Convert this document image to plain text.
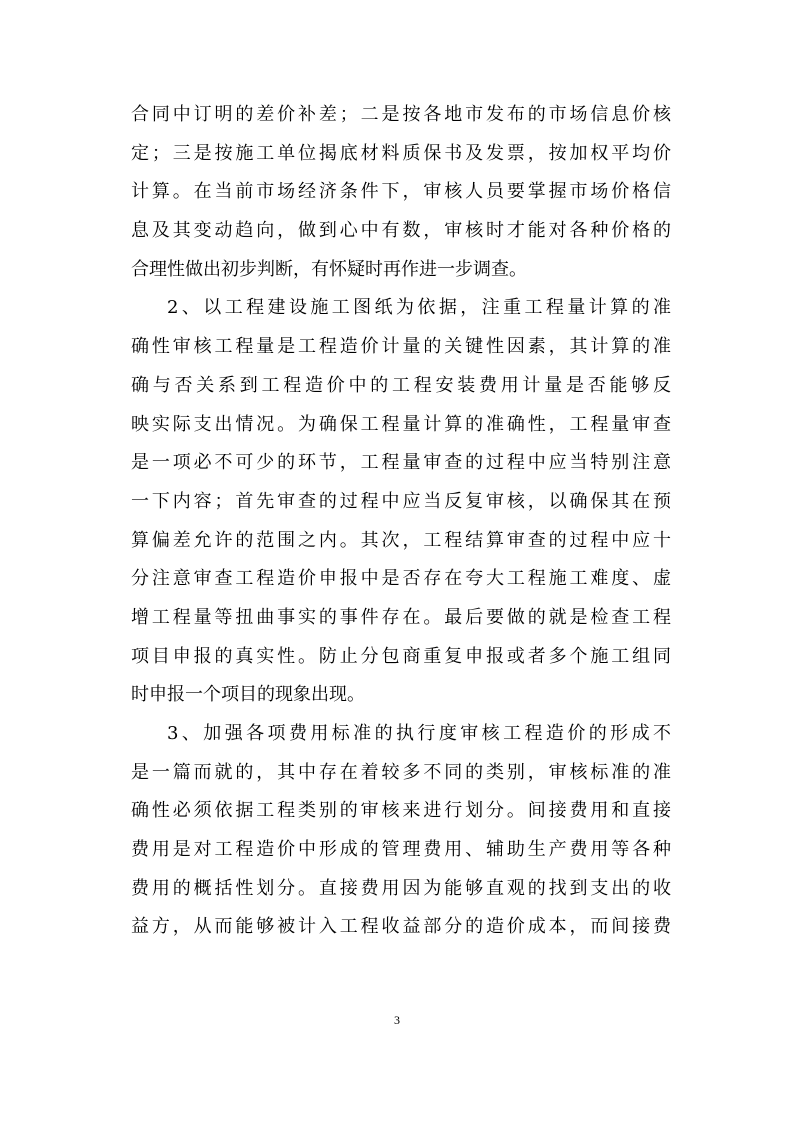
合同中订明的差价补差；二是按各地市发布的市场信息价核
定；三是按施工单位揭底材料质保书及发票，按加权平均价
计算。在当前市场经济条件下，审核人员要掌握市场价格信
息及其变动趋向，做到心中有数，审核时才能对各种价格的
合理性做出初步判断，有怀疑时再作进一步调查。
2、以工程建设施工图纸为依据，注重工程量计算的准
确性审核工程量是工程造价计量的关键性因素，其计算的准
确与否关系到工程造价中的工程安装费用计量是否能够反
映实际支出情况。为确保工程量计算的准确性，工程量审查
是一项必不可少的环节，工程量审查的过程中应当特别注意
一下内容；首先审查的过程中应当反复审核，以确保其在预
算偏差允许的范围之内。其次，工程结算审查的过程中应十
分注意审查工程造价申报中是否存在夸大工程施工难度、虚
增工程量等扭曲事实的事件存在。最后要做的就是检查工程
项目申报的真实性。防止分包商重复申报或者多个施工组同
时申报一个项目的现象出现。
3、加强各项费用标准的执行度审核工程造价的形成不
是一篇而就的，其中存在着较多不同的类别，审核标准的准
确性必须依据工程类别的审核来进行划分。间接费用和直接
费用是对工程造价中形成的管理费用、辅助生产费用等各种
费用的概括性划分。直接费用因为能够直观的找到支出的收
益方，从而能够被计入工程收益部分的造价成本，而间接费
3
